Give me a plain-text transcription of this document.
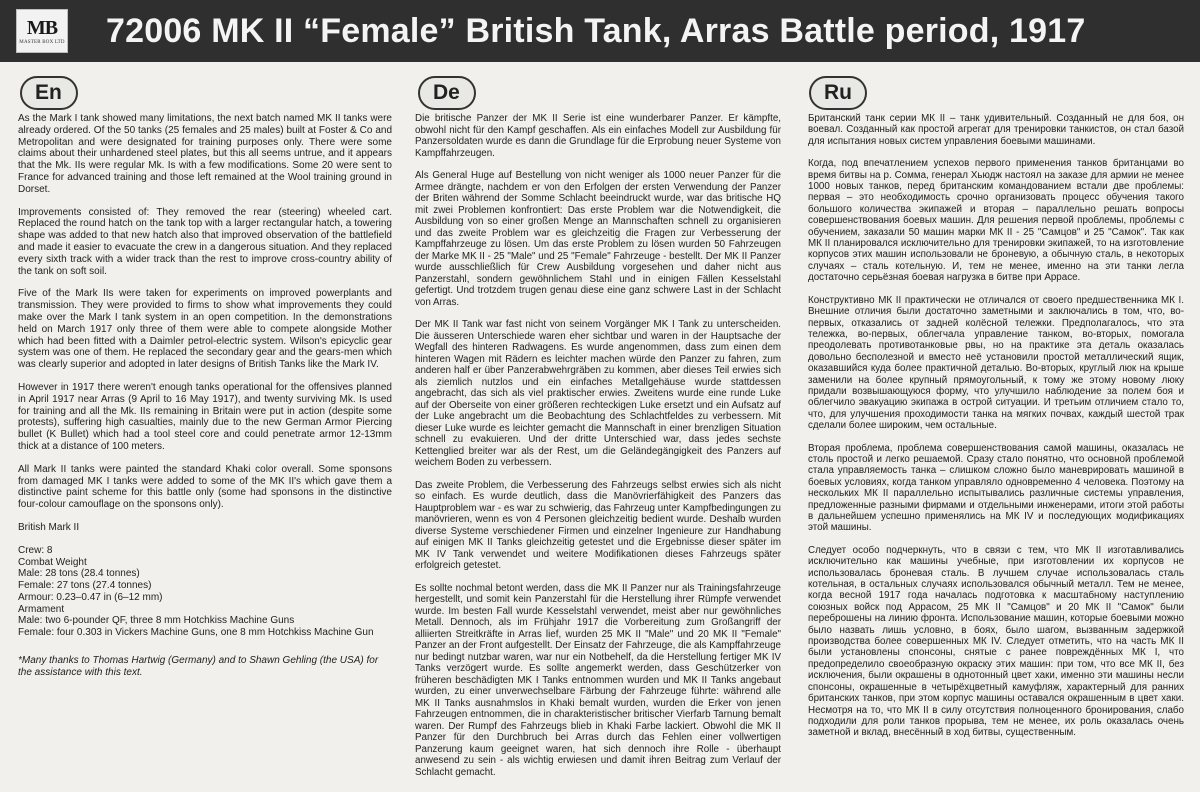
MB
MASTER BOX LTD 72006 MK II “Female” British Tank, Arras Battle period, 1917
En

As the Mark I tank showed many limitations, the next batch named MK II tanks were already ordered. Of the 50 tanks (25 females and 25 males) built at Foster & Co and Metropolitan and were designated for training purposes only. There were some claims about their unhardened steel plates, but this all seems untrue, and it appears that the Mk. IIs were regular Mk. Is with a few modifications. Some 20 were sent to France for advanced training and those left remained at the Wool training ground in Dorset.

Improvements consisted of: They removed the rear (steering) wheeled cart. Replaced the round hatch on the tank top with a larger rectangular hatch, a towering shape was added to that new hatch also that improved observation of the battlefield and made it easier to evacuate the crew in a dangerous situation. And they replaced every sixth track with a wider track than the rest to improve cross-country ability of the tank on soft soil.

Five of the Mark IIs were taken for experiments on improved powerplants and transmission. They were provided to firms to show what improvements they could make over the Mark I tank system in an open competition. In the demonstrations held on March 1917 only three of them were able to compete alongside Mother which had been fitted with a Daimler petrol-electric system. Wilson's epicyclic gear system was one of them. He replaced the secondary gear and the gears-men which was clearly superior and adopted in later designs of British Tanks like the Mark IV.

However in 1917 there weren't enough tanks operational for the offensives planned in April 1917 near Arras (9 April to 16 May 1917), and twenty surviving Mk. Is used for training and all the Mk. IIs remaining in Britain were put in action (despite some protests), suffering high casualties, mainly due to the new German Armor Piercing bullet (K Bullet) which had a tool steel core and could penetrate armor 12-13mm thick at a distance of 100 meters.

All Mark II tanks were painted the standard Khaki color overall. Some sponsons from damaged MK I tanks were added to some of the MK II's which gave them a distinctive paint scheme for this battle only (some had sponsons in the distinctive four-colour camouflage on the sponsons only).

British Mark II

Crew: 8

Combat Weight

Male: 28 tons (28.4 tonnes)

Female: 27 tons (27.4 tonnes)

Armour: 0.23–0.47 in (6–12 mm)

Armament

Male: two 6-pounder QF, three 8 mm Hotchkiss Machine Guns

Female: four 0.303 in Vickers Machine Guns, one 8 mm Hotchkiss Machine Gun

*Many thanks to Thomas Hartwig (Germany) and to Shawn Gehling (the USA) for the assistance with this text.

De

Die britische Panzer der MK II Serie ist eine wunderbarer Panzer. Er kämpfte, obwohl nicht für den Kampf geschaffen. Als ein einfaches Modell zur Ausbildung für Panzersoldaten wurde es dann die Grundlage für die Erprobung neuer Systeme von Kampffahrzeugen.

Als General Huge auf Bestellung von nicht weniger als 1000 neuer Panzer für die Armee drängte, nachdem er von den Erfolgen der ersten Verwendung der Panzer der Briten während der Somme Schlacht beeindruckt wurde, war das britische HQ mit zwei Problemen konfrontiert: Das erste Problem war die Notwendigkeit, die Ausbildung von so einer großen Menge an Mannschaften schnell zu organisieren und das zweite Problem war es gleichzeitig die Fragen zur Verbesserung der Kampffahrzeuge zu lösen. Um das erste Problem zu lösen wurden 50 Fahrzeugen der Marke MK II - 25 "Male" und 25 "Female" Fahrzeuge - bestellt. Der MK II Panzer wurde ausschließlich für Crew Ausbildung vorgesehen und daher nicht aus Panzerstahl, sondern gewöhnlichem Stahl und in einigen Fällen Kesselstahl gefertigt. Und trotzdem trugen genau diese eine ganz schwere Last in der Schlacht von Arras.

Der MK II Tank war fast nicht von seinem Vorgänger MK I Tank zu unterscheiden. Die äusseren Unterschiede waren eher sichtbar und waren in der Hauptsache der Wegfall des hinteren Radwagens. Es wurde angenommen, dass zum einen dem hinteren Wagen mit Rädern es leichter machen würde den Panzer zu fahren, zum anderen half er über Panzerabwehrgräben zu kommen, aber dieses Teil erwies sich als ziemlich nutzlos und ein einfaches Metallgehäuse wurde stattdessen angebracht, das sich als viel praktischer erwies. Zweitens wurde eine runde Luke auf der Oberseite von einer größeren rechteckigen Luke ersetzt und ein Aufsatz auf der Luke angebracht um die Beobachtung des Schlachtfeldes zu verbessern. Mit dieser Luke wurde es leichter gemacht die Mannschaft in einer brenzligen Situation schnell zu evakuieren. Und der dritte Unterschied war, dass jedes sechste Kettenglied breiter war als der Rest, um die Geländegängigkeit des Panzers auf weichem Boden zu verbessern.

Das zweite Problem, die Verbesserung des Fahrzeugs selbst erwies sich als nicht so einfach. Es wurde deutlich, dass die Manövrierfähigkeit des Panzers das Hauptproblem war - es war zu schwierig, das Fahrzeug unter Kampfbedingungen zu manövrieren, wenn es von 4 Personen gleichzeitig bedient wurde. Deshalb wurden diverse Systeme verschiedener Firmen und einzelner Ingenieure zur Handhabung auf einigen MK II Tanks gleichzeitig getestet und die Ergebnisse dieser später im MK IV Tank verwendet und weitere Modifikationen dieses Fahrzeugs später erfolgreich getestet.

Es sollte nochmal betont werden, dass die MK II Panzer nur als Trainingsfahrzeuge hergestellt, und somit kein Panzerstahl für die Herstellung ihrer Rümpfe verwendet wurde. Im besten Fall wurde Kesselstahl verwendet, meist aber nur gewöhnliches Metall. Dennoch, als im Frühjahr 1917 die Vorbereitung zum Großangriff der alliierten Streitkräfte in Arras lief, wurden 25 MK II "Male" und 20 MK II "Female" Panzer an der Front aufgestellt. Der Einsatz der Fahrzeuge, die als Kampffahrzeuge nur bedingt nutzbar waren, war nur ein Notbehelf, da die Herstellung fertiger MK IV Tanks verzögert wurde. Es sollte angemerkt werden, dass Geschützerker von früheren beschädigten MK I Tanks entnommen wurden und MK II Tanks angebaut wurden, zu einer unverwechselbare Färbung der Fahrzeuge führte: während alle MK II Tanks ausnahmslos in Khaki bemalt wurden, wurden die Erker von jenen Fahrzeugen entnommen, die in charakteristischer britischer Vierfarb Tarnung bemalt waren. Der Rumpf des Fahrzeugs blieb in Khaki Farbe lackiert. Obwohl die MK II Panzer für den Durchbruch bei Arras durch das Fehlen einer vollwertigen Panzerung kaum geeignet waren, hat sich dennoch ihre Rolle - überhaupt anwesend zu sein - als wichtig erwiesen und damit ihren Beitrag zum Verlauf der Schlacht gemacht.

Ru

Британский танк серии МК II – танк удивительный. Созданный не для боя, он воевал. Созданный как простой агрегат для тренировки танкистов, он стал базой для испытания новых систем управления боевыми машинами.

Когда, под впечатлением успехов первого применения танков британцами во время битвы на р. Сомма, генерал Хьюдж настоял на заказе для армии не менее 1000 новых танков, перед британским командованием встали две проблемы: первая – это необходимость срочно организовать процесс обучения такого большого количества экипажей и вторая – параллельно решать вопросы совершенствования боевых машин. Для решения первой проблемы, проблемы с обучением, заказали 50 машин марки МК II - 25 "Самцов" и 25 "Самок". Так как МК II планировался исключительно для тренировки экипажей, то на изготовление корпусов этих машин использовали не броневую, а обычную сталь, в некоторых случаях – сталь котельную. И, тем не менее, именно на эти танки легла достаточно серьёзная боевая нагрузка в битве при Аррасе.

Конструктивно МК II практически не отличался от своего предшественника МК I. Внешние отличия были достаточно заметными и заключались в том, что, во-первых, отказались от задней колёсной тележки. Предполагалось, что эта тележка, во-первых, облегчала управление танком, во-вторых, помогала преодолевать противотанковые рвы, но на практике эта деталь оказалась довольно бесполезной и вместо неё установили простой металлический ящик, оказавшийся куда более практичной деталью. Во-вторых, круглый люк на крыше заменили на более крупный прямоугольный, к тому же этому новому люку придали возвышающуюся форму, что улучшило наблюдение за полем боя и облегчило эвакуацию экипажа в острой ситуации. И третьим отличием стало то, что, для улучшения проходимости танка на мягких почвах, каждый шестой трак сделали более широким, чем остальные.

Вторая проблема, проблема совершенствования самой машины, оказалась не столь простой и легко решаемой. Сразу стало понятно, что основной проблемой стала управляемость танка – слишком сложно было маневрировать машиной в боевых условиях, когда танком управляло одновременно 4 человека. Поэтому на нескольких МК II параллельно испытывались различные системы управления, предложенные разными фирмами и отдельными инженерами, итоги этой работы в дальнейшем успешно применялись на МК IV и последующих модификациях этой машины.

Следует особо подчеркнуть, что в связи с тем, что МК II изготавливались исключительно как машины учебные, при изготовлении их корпусов не использовалась броневая сталь. В лучшем случае использовалась сталь котельная, в остальных случаях использовался обычный металл. Тем не менее, когда весной 1917 года началась подготовка к масштабному наступлению союзных войск под Аррасом, 25 МК II "Самцов" и 20 МК II "Самок" были переброшены на линию фронта. Использование машин, которые боевыми можно было назвать лишь условно, в боях, было шагом, вызванным задержкой производства более совершенных МК IV. Следует отметить, что на часть МК II были установлены спонсоны, снятые с ранее повреждённых МК I, что предопределило своеобразную окраску этих машин: при том, что все МК II, без исключения, были окрашены в однотонный цвет хаки, именно эти машины несли спонсоны, окрашенные в четырёхцветный камуфляж, характерный для ранних британских танков, при этом корпус машины оставался окрашенным в цвет хаки. Несмотря на то, что МК II в силу отсутствия полноценного бронирования, слабо подходили для роли танков прорыва, тем не менее, их роль оказалась очень заметной и вклад, внесённый в ход битвы, существенным.
